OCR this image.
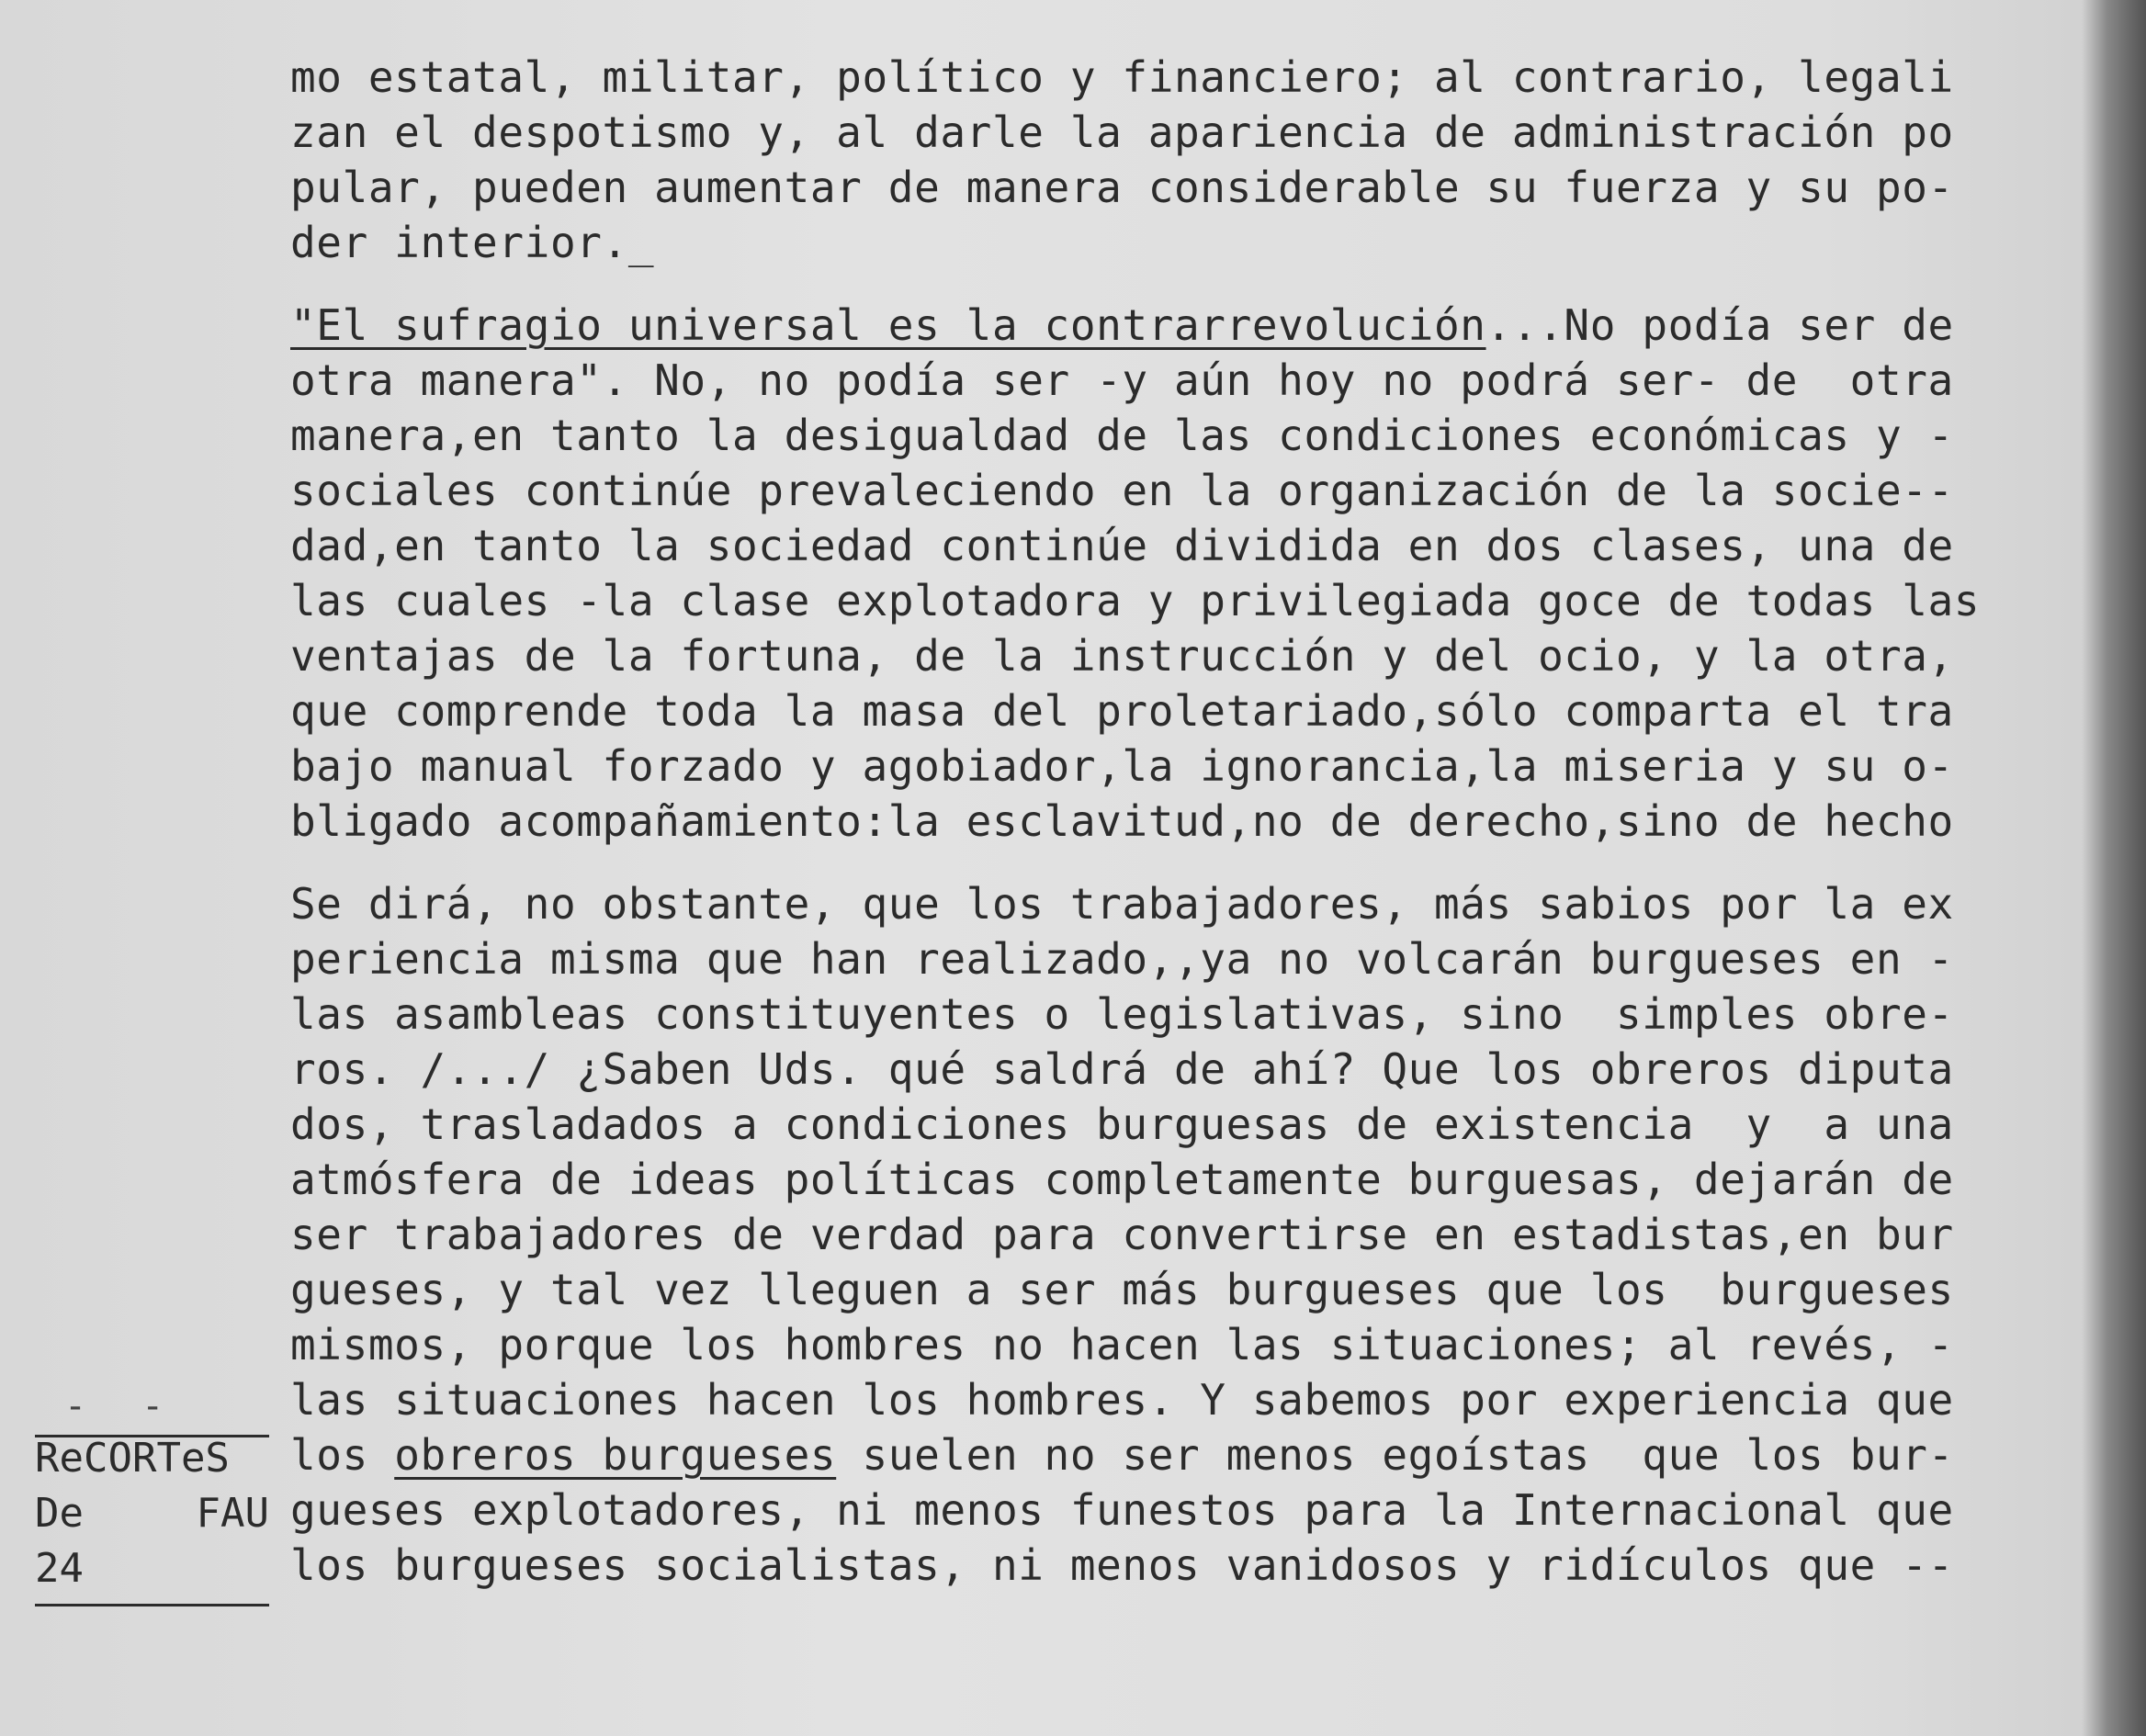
mo estatal, militar, político y financiero; al contrario, legali
zan el despotismo y, al darle la apariencia de administración po
pular, pueden aumentar de manera considerable su fuerza y su po-
der interior._
"El sufragio universal es la contrarrevolución...No podía ser de
otra manera". No, no podía ser -y aún hoy no podrá ser- de  otra
manera,en tanto la desigualdad de las condiciones económicas y -
sociales continúe prevaleciendo en la organización de la socie--
dad,en tanto la sociedad continúe dividida en dos clases, una de
las cuales -la clase explotadora y privilegiada goce de todas las
ventajas de la fortuna, de la instrucción y del ocio, y la otra,
que comprende toda la masa del proletariado,sólo comparta el tra
bajo manual forzado y agobiador,la ignorancia,la miseria y su o-
bligado acompañamiento:la esclavitud,no de derecho,sino de hecho
Se dirá, no obstante, que los trabajadores, más sabios por la ex
periencia misma que han realizado,,ya no volcarán burgueses en -
las asambleas constituyentes o legislativas, sino  simples obre-
ros. /.../ ¿Saben Uds. qué saldrá de ahí? Que los obreros diputa
dos, trasladados a condiciones burguesas de existencia  y  a una
atmósfera de ideas políticas completamente burguesas, dejarán de
ser trabajadores de verdad para convertirse en estadistas,en bur
gueses, y tal vez lleguen a ser más burgueses que los  burgueses
mismos, porque los hombres no hacen las situaciones; al revés, -
las situaciones hacen los hombres. Y sabemos por experiencia que
los obreros burgueses suelen no ser menos egoístas  que los bur-
gueses explotadores, ni menos funestos para la Internacional que
los burgueses socialistas, ni menos vanidosos y ridículos que --
--
ReCORTeS
De	FAU
24
